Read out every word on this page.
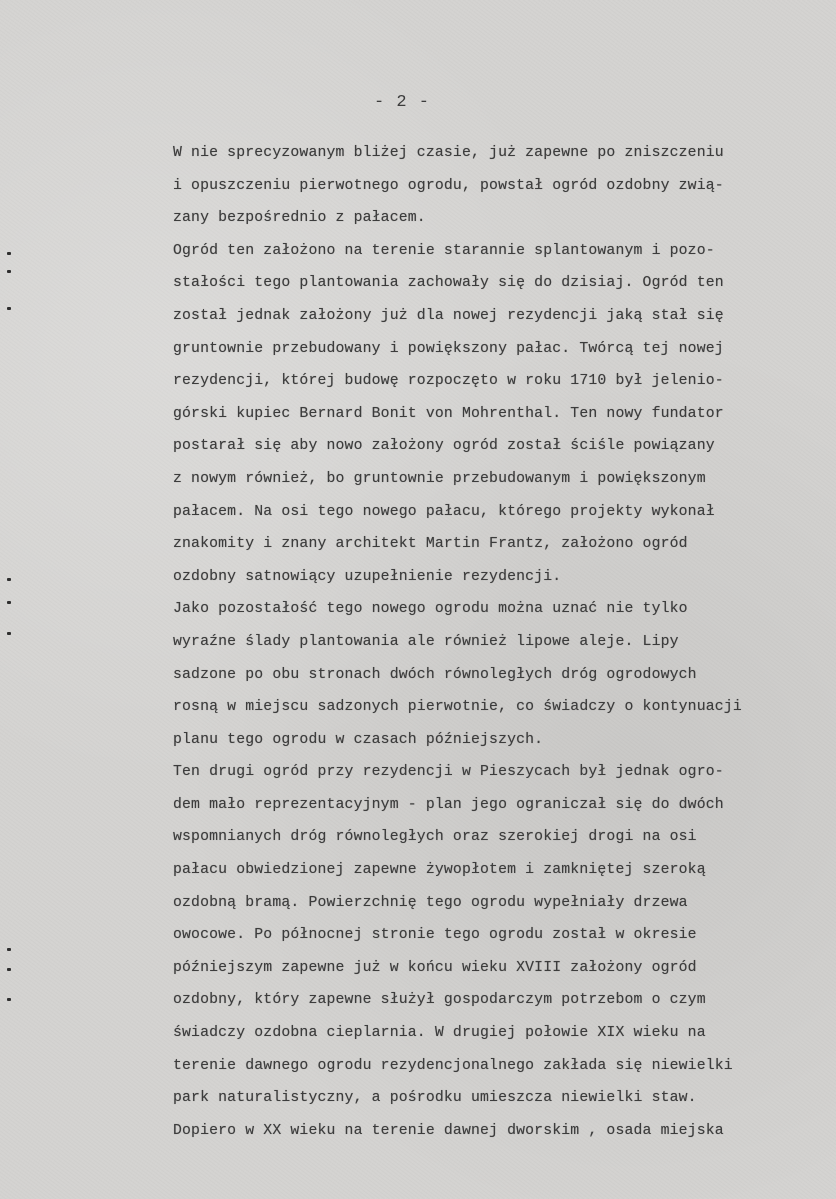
- 2 -
W nie sprecyzowanym bliżej czasie, już zapewne po zniszczeniu
i opuszczeniu pierwotnego ogrodu, powstał ogród ozdobny zwią-
zany bezpośrednio z pałacem.
Ogród ten założono na terenie starannie splantowanym i pozo-
stałości tego plantowania zachowały się do dzisiaj. Ogród ten
został jednak założony już dla nowej rezydencji jaką stał się
gruntownie przebudowany i powiększony pałac. Twórcą tej nowej
rezydencji, której budowę rozpoczęto w roku 1710 był jelenio-
górski kupiec Bernard Bonit von Mohrenthal. Ten nowy fundator
postarał się aby nowo założony ogród został ściśle powiązany
z nowym również, bo gruntownie przebudowanym i powiększonym
pałacem. Na osi tego nowego pałacu, którego projekty wykonał
znakomity i znany architekt Martin Frantz, założono ogród
ozdobny satnowiący uzupełnienie rezydencji.
Jako pozostałość tego nowego ogrodu można uznać nie tylko
wyraźne ślady plantowania ale również lipowe aleje. Lipy
sadzone po obu stronach dwóch równoległych dróg ogrodowych
rosną w miejscu sadzonych pierwotnie, co świadczy o kontynuacji
planu tego ogrodu w czasach późniejszych.
Ten drugi ogród przy rezydencji w Pieszycach był jednak ogro-
dem mało reprezentacyjnym - plan jego ograniczał się do dwóch
wspomnianych dróg równoległych oraz szerokiej drogi na osi
pałacu obwiedzionej zapewne żywopłotem i zamkniętej szeroką
ozdobną bramą. Powierzchnię tego ogrodu wypełniały drzewa
owocowe. Po północnej stronie tego ogrodu został w okresie
późniejszym zapewne już w końcu wieku XVIII założony ogród
ozdobny, który zapewne służył gospodarczym potrzebom o czym
świadczy ozdobna cieplarnia. W drugiej połowie XIX wieku na
terenie dawnego ogrodu rezydencjonalnego zakłada się niewielki
park naturalistyczny, a pośrodku umieszcza niewielki staw.
Dopiero w XX wieku na terenie dawnej dworskim , osada miejska
